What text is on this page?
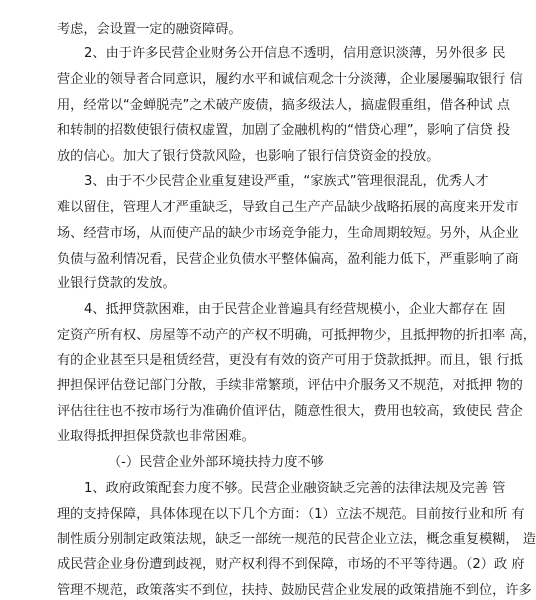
考虑，会设置一定的融资障碍。
2、由于许多民营企业财务公开信息不透明，信用意识淡薄，另外很多 民
营企业的领导者合同意识，履约水平和诚信观念十分淡薄，企业屡屡骗取银行 信
用，经常以“金蝉脱壳”之术破产废债，搞多级法人，搞虚假重组，借各种试 点
和转制的招数使银行债权虚置，加剧了金融机构的“惜贷心理”，影响了信贷 投
放的信心。加大了银行贷款风险，也影响了银行信贷资金的投放。
3、由于不少民营企业重复建设严重，“家族式”管理很混乱，优秀人才
难以留住，管理人才严重缺乏，导致自己生产产品缺少战略拓展的高度来开发市
场、经营市场，从而使产品的缺少市场竞争能力，生命周期较短。另外，从企业
负债与盈利情况看，民营企业负债水平整体偏高，盈利能力低下，严重影响了商
业银行贷款的发放。
4、抵押贷款困难，由于民营企业普遍具有经营规模小，企业大都存在 固
定资产所有权、房屋等不动产的产权不明确，可抵押物少，且抵押物的折扣率 高，
有的企业甚至只是租赁经营，更没有有效的资产可用于贷款抵押。而且，银 行抵
押担保评估登记部门分散，手续非常繁琐，评估中介服务又不规范，对抵押 物的
评估往往也不按市场行为准确价值评估，随意性很大，费用也较高，致使民 营企
业取得抵押担保贷款也非常困难。
（-）民营企业外部环境扶持力度不够
1、政府政策配套力度不够。民营企业融资缺乏完善的法律法规及完善 管
理的支持保障，具体体现在以下几个方面：（1）立法不规范。目前按行业和所 有
制性质分别制定政策法规，缺乏一部统一规范的民营企业立法，概念重复模糊， 造
成民营企业身份遭到歧视，财产权利得不到保障，市场的不平等待遇。（2）政 府
管理不规范，政策落实不到位，扶持、鼓励民营企业发展的政策措施不到位，许多
